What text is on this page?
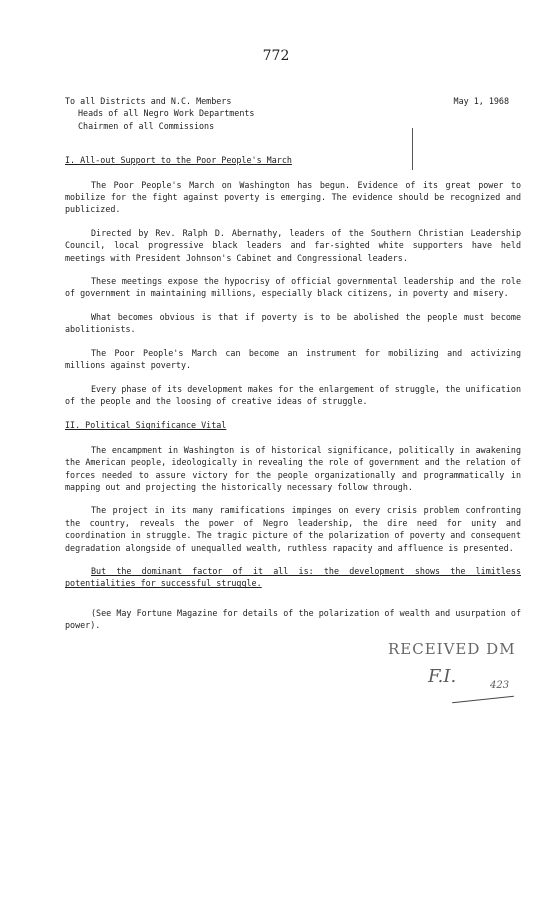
772
To all Districts and N.C. Members
Heads of all Negro Work Departments
Chairmen of all Commissions
May 1, 1968
I. All-out Support to the Poor People's March

The Poor People's March on Washington has begun. Evidence of its great power to mobilize for the fight against poverty is emerging. The evidence should be recognized and publicized.

Directed by Rev. Ralph D. Abernathy, leaders of the Southern Christian Leadership Council, local progressive black leaders and far-sighted white supporters have held meetings with President Johnson's Cabinet and Congressional leaders.

These meetings expose the hypocrisy of official governmental leadership and the role of government in maintaining millions, especially black citizens, in poverty and misery.

What becomes obvious is that if poverty is to be abolished the people must become abolitionists.

The Poor People's March can become an instrument for mobilizing and activizing millions against poverty.

Every phase of its development makes for the enlargement of struggle, the unification of the people and the loosing of creative ideas of struggle.

II. Political Significance Vital

The encampment in Washington is of historical significance, politically in awakening the American people, ideologically in revealing the role of government and the relation of forces needed to assure victory for the people organizationally and programmatically in mapping out and projecting the historically necessary follow through.

The project in its many ramifications impinges on every crisis problem confronting the country, reveals the power of Negro leadership, the dire need for unity and coordination in struggle. The tragic picture of the polarization of poverty and consequent degradation alongside of unequalled wealth, ruthless rapacity and affluence is presented.

But the dominant factor of it all is: the development shows the limitless potentialities for successful struggle.

(See May Fortune Magazine for details of the polarization of wealth and usurpation of power).

RECEIVED DM
F.I.	423
